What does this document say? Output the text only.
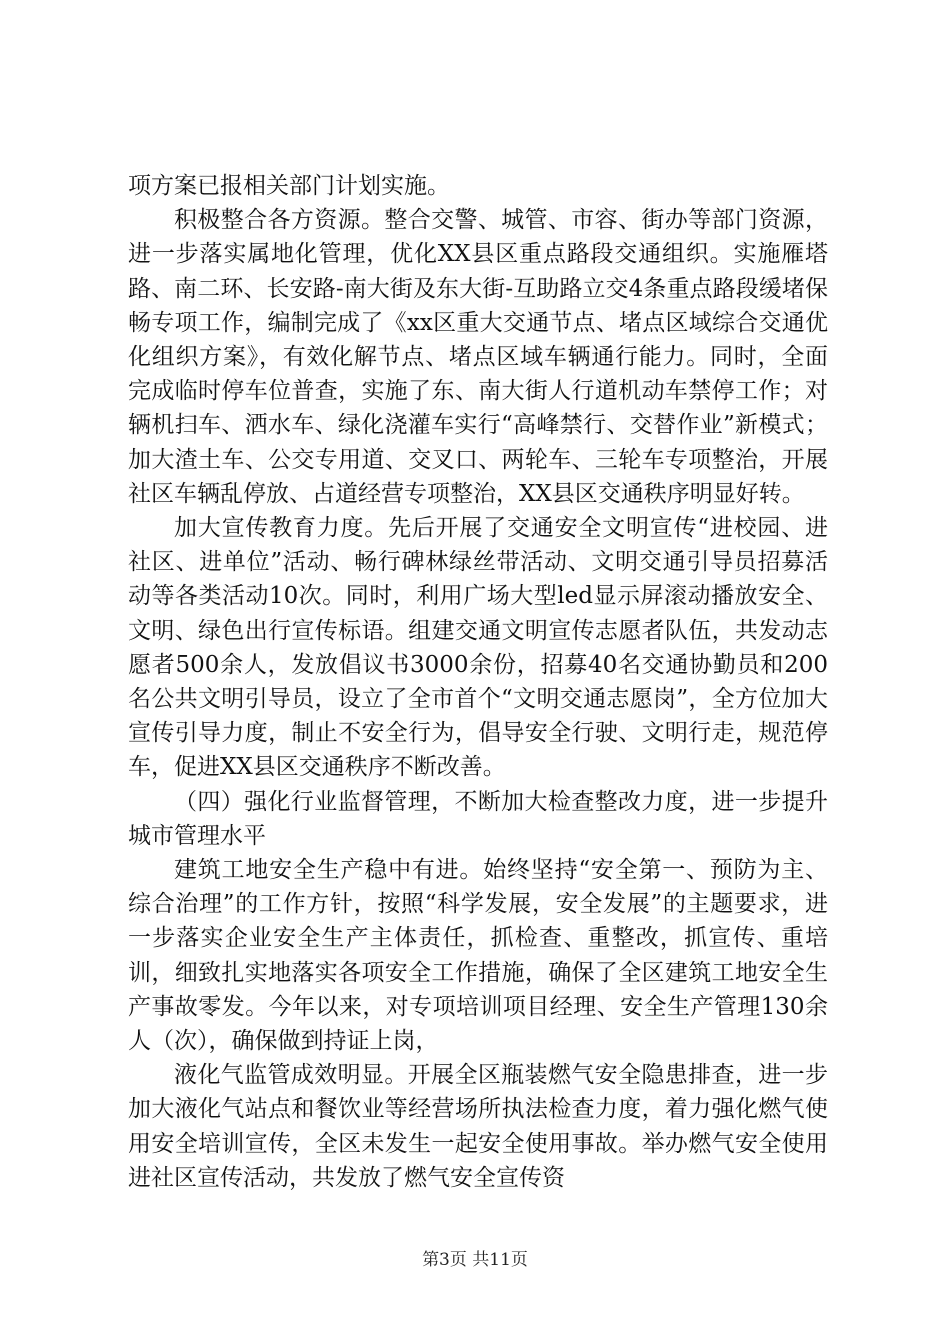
项方案已报相关部门计划实施。

积极整合各方资源。整合交警、城管、市容、街办等部门资源，进一步落实属地化管理，优化XX县区重点路段交通组织。实施雁塔路、南二环、长安路-南大街及东大街-互助路立交4条重点路段缓堵保畅专项工作，编制完成了《xx区重大交通节点、堵点区域综合交通优化组织方案》，有效化解节点、堵点区域车辆通行能力。同时，全面完成临时停车位普查，实施了东、南大街人行道机动车禁停工作；对辆机扫车、洒水车、绿化浇灌车实行“高峰禁行、交替作业”新模式；加大渣土车、公交专用道、交叉口、两轮车、三轮车专项整治，开展社区车辆乱停放、占道经营专项整治，XX县区交通秩序明显好转。

加大宣传教育力度。先后开展了交通安全文明宣传“进校园、进社区、进单位”活动、畅行碑林绿丝带活动、文明交通引导员招募活动等各类活动10次。同时，利用广场大型led显示屏滚动播放安全、文明、绿色出行宣传标语。组建交通文明宣传志愿者队伍，共发动志愿者500余人，发放倡议书3000余份，招募40名交通协勤员和200名公共文明引导员，设立了全市首个“文明交通志愿岗”，全方位加大宣传引导力度，制止不安全行为，倡导安全行驶、文明行走，规范停车，促进XX县区交通秩序不断改善。

（四）强化行业监督管理，不断加大检查整改力度，进一步提升城市管理水平

建筑工地安全生产稳中有进。始终坚持“安全第一、预防为主、综合治理”的工作方针，按照“科学发展，安全发展”的主题要求，进一步落实企业安全生产主体责任，抓检查、重整改，抓宣传、重培训，细致扎实地落实各项安全工作措施，确保了全区建筑工地安全生产事故零发。今年以来，对专项培训项目经理、安全生产管理130余人（次），确保做到持证上岗，

液化气监管成效明显。开展全区瓶装燃气安全隐患排查，进一步加大液化气站点和餐饮业等经营场所执法检查力度，着力强化燃气使用安全培训宣传，全区未发生一起安全使用事故。举办燃气安全使用进社区宣传活动，共发放了燃气安全宣传资

第3页 共11页
